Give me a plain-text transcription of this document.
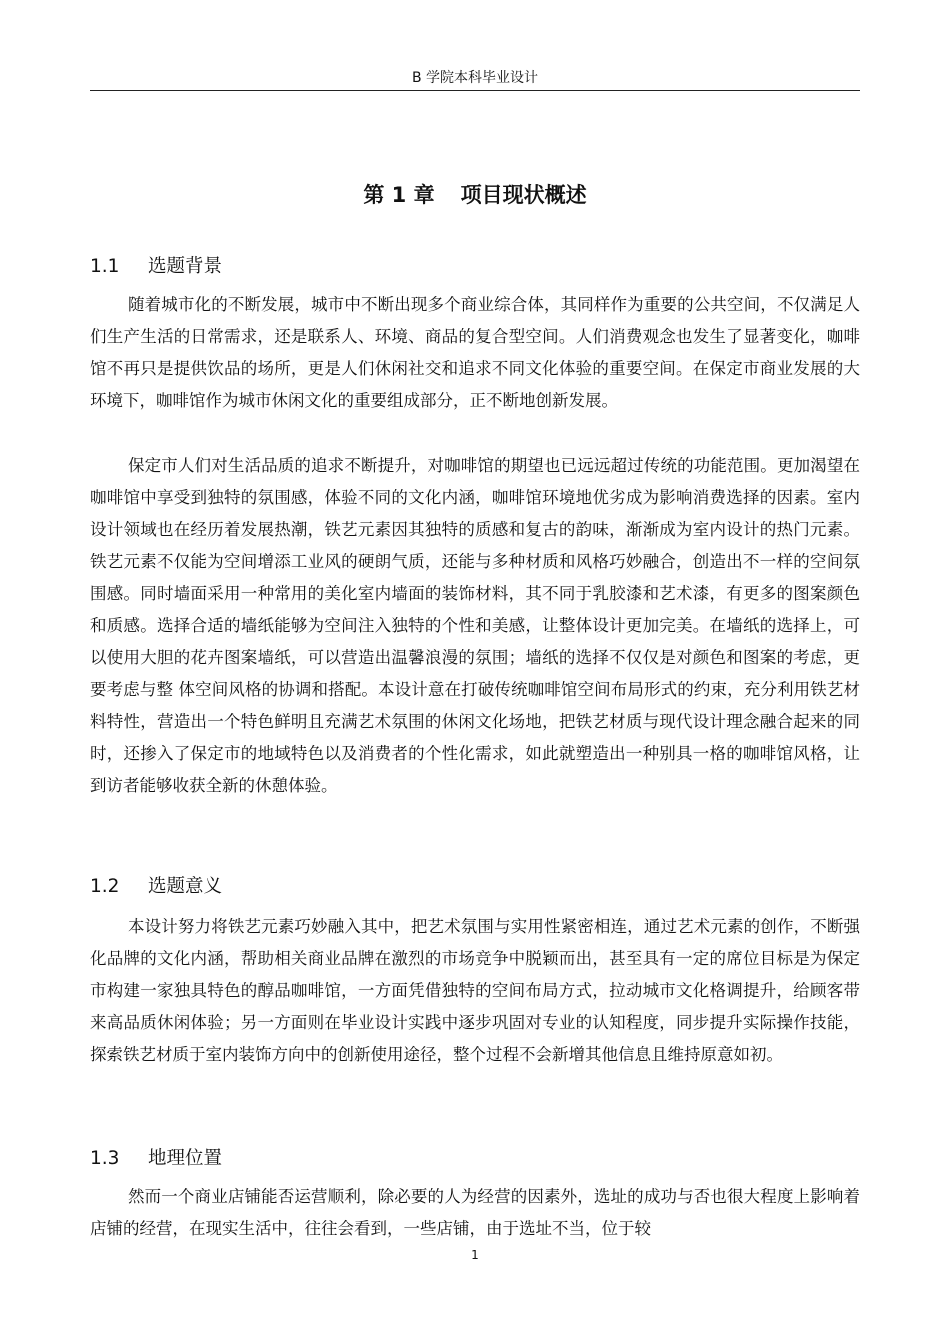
B 学院本科毕业设计
第 1 章 项目现状概述
1.1 选题背景

随着城市化的不断发展，城市中不断出现多个商业综合体，其同样作为重要的公共空间，不仅满足人们生产生活的日常需求，还是联系人、环境、商品的复合型空间。人们消费观念也发生了显著变化，咖啡馆不再只是提供饮品的场所，更是人们休闲社交和追求不同文化体验的重要空间。在保定市商业发展的大环境下，咖啡馆作为城市休闲文化的重要组成部分，正不断地创新发展。

保定市人们对生活品质的追求不断提升，对咖啡馆的期望也已远远超过传统的功能范围。更加渴望在咖啡馆中享受到独特的氛围感，体验不同的文化内涵，咖啡馆环境地优劣成为影响消费选择的因素。室内设计领域也在经历着发展热潮，铁艺元素因其独特的质感和复古的韵味，渐渐成为室内设计的热门元素。铁艺元素不仅能为空间增添工业风的硬朗气质，还能与多种材质和风格巧妙融合，创造出不一样的空间氛围感。同时墙面采用一种常用的美化室内墙面的装饰材料，其不同于乳胶漆和艺术漆，有更多的图案颜色和质感。选择合适的墙纸能够为空间注入独特的个性和美感，让整体设计更加完美。在墙纸的选择上，可以使用大胆的花卉图案墙纸，可以营造出温馨浪漫的氛围；墙纸的选择不仅仅是对颜色和图案的考虑，更要考虑与整 体空间风格的协调和搭配。本设计意在打破传统咖啡馆空间布局形式的约束，充分利用铁艺材料特性，营造出一个特色鲜明且充满艺术氛围的休闲文化场地，把铁艺材质与现代设计理念融合起来的同时，还掺入了保定市的地域特色以及消费者的个性化需求，如此就塑造出一种别具一格的咖啡馆风格，让到访者能够收获全新的休憩体验。

1.2 选题意义

本设计努力将铁艺元素巧妙融入其中，把艺术氛围与实用性紧密相连，通过艺术元素的创作，不断强化品牌的文化内涵，帮助相关商业品牌在激烈的市场竞争中脱颖而出，甚至具有一定的席位目标是为保定市构建一家独具特色的醇品咖啡馆，一方面凭借独特的空间布局方式，拉动城市文化格调提升，给顾客带来高品质休闲体验；另一方面则在毕业设计实践中逐步巩固对专业的认知程度，同步提升实际操作技能，探索铁艺材质于室内装饰方向中的创新使用途径，整个过程不会新增其他信息且维持原意如初。

1.3 地理位置

然而一个商业店铺能否运营顺利，除必要的人为经营的因素外，选址的成功与否也很大程度上影响着店铺的经营，在现实生活中，往往会看到，一些店铺，由于选址不当，位于较

1
